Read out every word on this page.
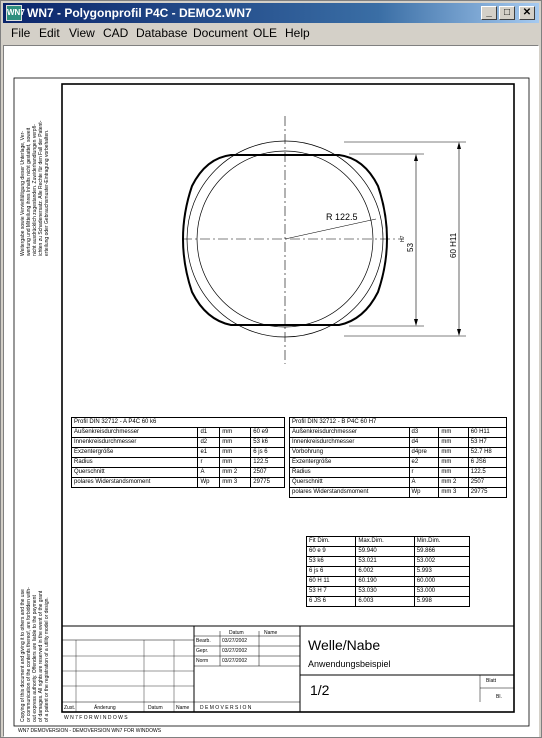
WN7 WN7 - Polygonprofil P4C - DEMO2.WN7	_	□	✕
File Edit View CAD Database Document OLE Help
R 122.5
53
H7	60 H11
Weitergabe sowie Vervielfältigung dieser Unterlage, Ver-
wertung und Mitteilung ihres Inhalts nicht gestattet, soweit
nicht ausdrücklich zugestanden. Zuwiderhandlungen verpfl-
ichten zu Schadenersatz. Alle Rechte für den Fall der Patent-
erteilung oder Gebrauchsmuster-Eintragung vorbehalten.
Copying of this document and giving it to others and the use
or communication of the contents thereof, are forbidden with-
out express authority. Offenders are liable to the payment
of damages. All rights are reserved in the event of the grant
of a patent or the registration of a utility model or design.
Profil DIN 32712 - A P4C 60 k6			
Außenkreisdurchmesser	d1	mm	60 e9
Innenkreisdurchmesser	d2	mm	53 k6
Exzentergröße	e1	mm	6 js 6
Radius	r	mm	122.5
Querschnitt	A	mm 2	2507
polares Widerstandsmoment	Wp	mm 3	29775
Profil DIN 32712 - B P4C 60 H7			
Außenkreisdurchmesser	d3	mm	60 H11
Innenkreisdurchmesser	d4	mm	53 H7
Vorbohrung	d4pre	mm	52.7 H8
Exzentergröße	e2	mm	6 JS6
Radius	r	mm	122.5
Querschnitt	A	mm 2	2507
polares Widerstandsmoment	Wp	mm 3	29775
Fit Dim.	Max.Dim.	Min.Dim.
60 e 9	59.940	59.866
53 k6	53.021	53.002
6 js 6	6.002	5.993
60 H 11	60.190	60.000
53 H 7	53.030	53.000
6 JS 6	6.003	5.998
Datum	Name
Bearb. 03/27/2002
Gepr.	03/27/2002
Norm	03/27/2002
Welle/Nabe
Anwendungsbeispiel
1/2
Blatt
Bl.
Zust.	Änderung	Datum	Name D E M O V E R S I O N
W N 7 F O R W I N D O W S
WN7 DEMOVERSION - DEMOVERSION WN7 FOR WINDOWS
